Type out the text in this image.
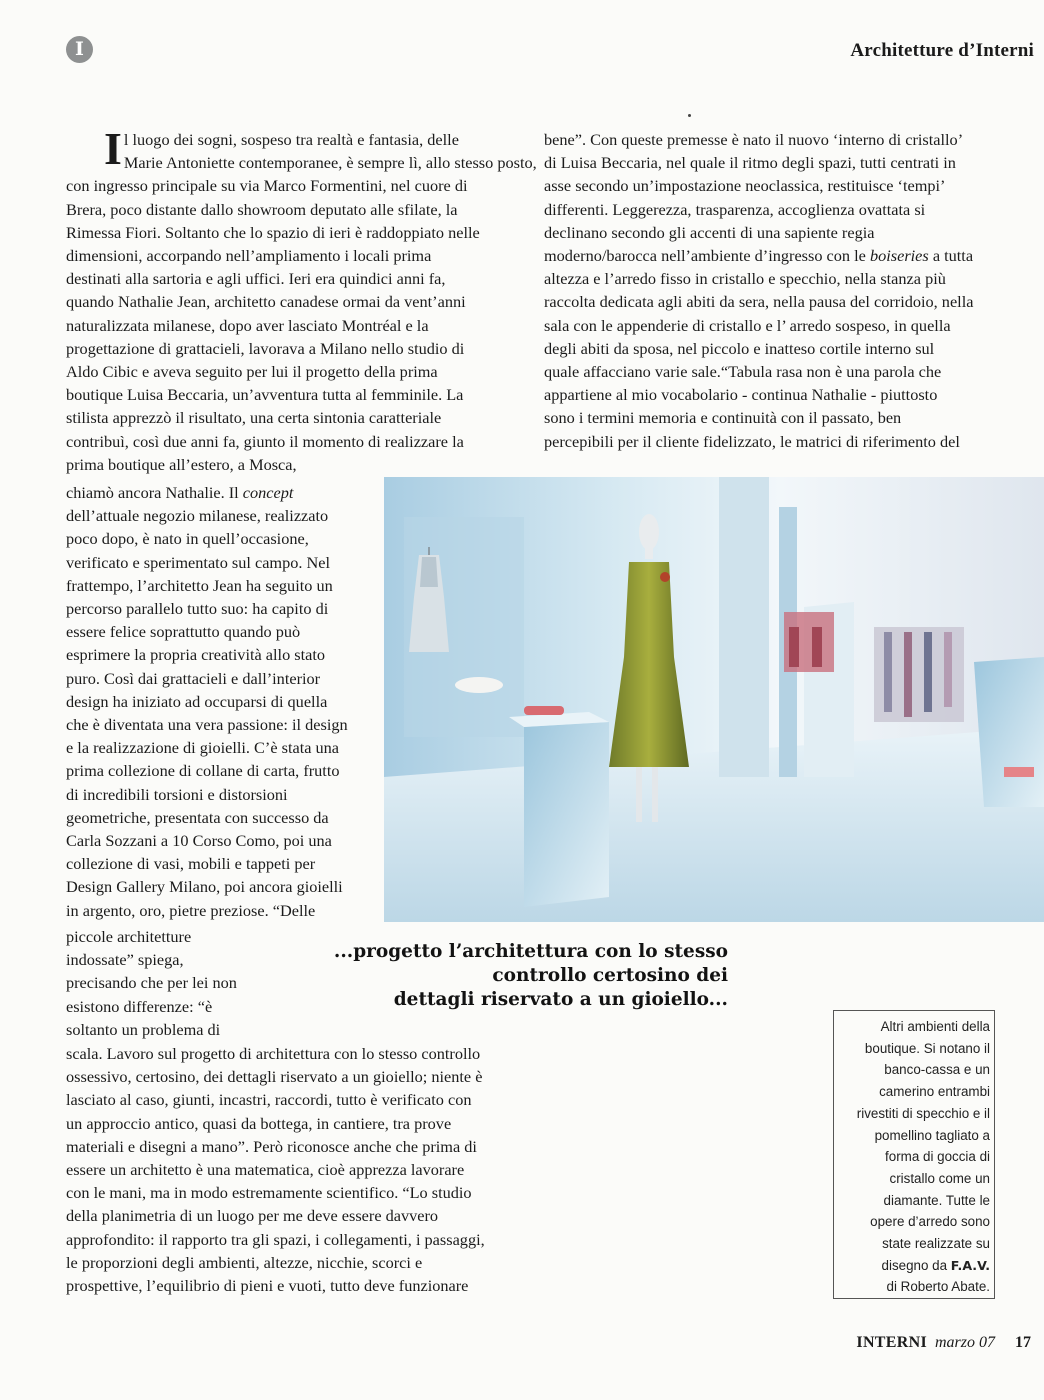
I	Architetture d’Interni
I l luogo dei sogni, sospeso tra realtà e fantasia, delle
Marie Antoniette contemporanee, è sempre lì, allo stesso posto,
con ingresso principale su via Marco Formentini, nel cuore di
Brera, poco distante dallo showroom deputato alle sfilate, la
Rimessa Fiori. Soltanto che lo spazio di ieri è raddoppiato nelle
dimensioni, accorpando nell’ampliamento i locali prima
destinati alla sartoria e agli uffici. Ieri era quindici anni fa,
quando Nathalie Jean, architetto canadese ormai da vent’anni
naturalizzata milanese, dopo aver lasciato Montréal e la
progettazione di grattacieli, lavorava a Milano nello studio di
Aldo Cibic e aveva seguito per lui il progetto della prima
boutique Luisa Beccaria, un’avventura tutta al femminile. La
stilista apprezzò il risultato, una certa sintonia caratteriale
contribuì, così due anni fa, giunto il momento di realizzare la
prima boutique all’estero, a Mosca,
chiamò ancora Nathalie. Il concept
dell’attuale negozio milanese, realizzato
poco dopo, è nato in quell’occasione,
verificato e sperimentato sul campo. Nel
frattempo, l’architetto Jean ha seguito un
percorso parallelo tutto suo: ha capito di
essere felice soprattutto quando può
esprimere la propria creatività allo stato
puro. Così dai grattacieli e dall’interior
design ha iniziato ad occuparsi di quella
che è diventata una vera passione: il design
e la realizzazione di gioielli. C’è stata una
prima collezione di collane di carta, frutto
di incredibili torsioni e distorsioni
geometriche, presentata con successo da
Carla Sozzani a 10 Corso Como, poi una
collezione di vasi, mobili e tappeti per
Design Gallery Milano, poi ancora gioielli
in argento, oro, pietre preziose. “Delle
piccole architetture
indossate” spiega,
precisando che per lei non
esistono differenze: “è
soltanto un problema di
scala. Lavoro sul progetto di architettura con lo stesso controllo
ossessivo, certosino, dei dettagli riservato a un gioiello; niente è
lasciato al caso, giunti, incastri, raccordi, tutto è verificato con
un approccio antico, quasi da bottega, in cantiere, tra prove
materiali e disegni a mano”. Però riconosce anche che prima di
essere un architetto è una matematica, cioè apprezza lavorare
con le mani, ma in modo estremamente scientifico. “Lo studio
della planimetria di un luogo per me deve essere davvero
approfondito: il rapporto tra gli spazi, i collegamenti, i passaggi,
le proporzioni degli ambienti, altezze, nicchie, scorci e
prospettive, l’equilibrio di pieni e vuoti, tutto deve funzionare
bene”. Con queste premesse è nato il nuovo ‘interno di cristallo’
di Luisa Beccaria, nel quale il ritmo degli spazi, tutti centrati in
asse secondo un’impostazione neoclassica, restituisce ‘tempi’
differenti. Leggerezza, trasparenza, accoglienza ovattata si
declinano secondo gli accenti di una sapiente regia
moderno/barocca nell’ambiente d’ingresso con le boiseries a tutta
altezza e l’arredo fisso in cristallo e specchio, nella stanza più
raccolta dedicata agli abiti da sera, nella pausa del corridoio, nella
sala con le appenderie di cristallo e l’ arredo sospeso, in quella
degli abiti da sposa, nel piccolo e inatteso cortile interno sul
quale affacciano varie sale.“Tabula rasa non è una parola che
appartiene al mio vocabolario - continua Nathalie - piuttosto
sono i termini memoria e continuità con il passato, ben
percepibili per il cliente fidelizzato, le matrici di riferimento del
...progetto l’architettura con lo stesso
controllo certosino dei
dettagli riservato a un gioiello...
Altri ambienti della
boutique. Si notano il
banco-cassa e un
camerino entrambi
rivestiti di specchio e il
pomellino tagliato a
forma di goccia di
cristallo come un
diamante. Tutte le
opere d’arredo sono
state realizzate su
disegno da F.A.V.
di Roberto Abate.
INTERNI marzo 07 17
